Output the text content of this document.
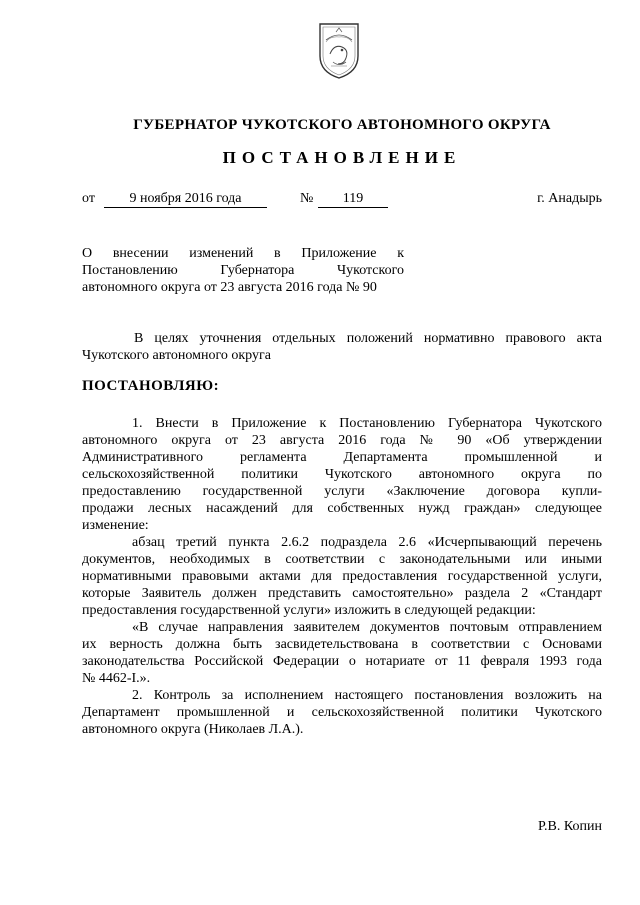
ГУБЕРНАТОР ЧУКОТСКОГО АВТОНОМНОГО ОКРУГА
ПОСТАНОВЛЕНИЕ
от	9 ноября 2016 года	№	119	г. Анадырь
О внесении изменений в Приложение к
Постановлению Губернатора Чукотского
автономного округа от 23 августа 2016 года № 90
В целях уточнения отдельных положений нормативно правового акта
Чукотского автономного округа
ПОСТАНОВЛЯЮ:
1. Внести в Приложение к Постановлению Губернатора Чукотского
автономного округа от 23 августа 2016 года № 90 «Об утверждении
Административного регламента Департамента промышленной и
сельскохозяйственной политики Чукотского автономного округа по
предоставлению государственной услуги «Заключение договора купли-
продажи лесных насаждений для собственных нужд граждан» следующее
изменение:
абзац третий пункта 2.6.2 подраздела 2.6 «Исчерпывающий перечень
документов, необходимых в соответствии с законодательными или иными
нормативными правовыми актами для предоставления государственной услуги,
которые Заявитель должен представить самостоятельно» раздела 2 «Стандарт
предоставления государственной услуги» изложить в следующей редакции:
«В случае направления заявителем документов почтовым отправлением
их верность должна быть засвидетельствована в соответствии с Основами
законодательства Российской Федерации о нотариате от 11 февраля 1993 года
№ 4462-I.».
2. Контроль за исполнением настоящего постановления возложить на
Департамент промышленной и сельскохозяйственной политики Чукотского
автономного округа (Николаев Л.А.).
Р.В. Копин
